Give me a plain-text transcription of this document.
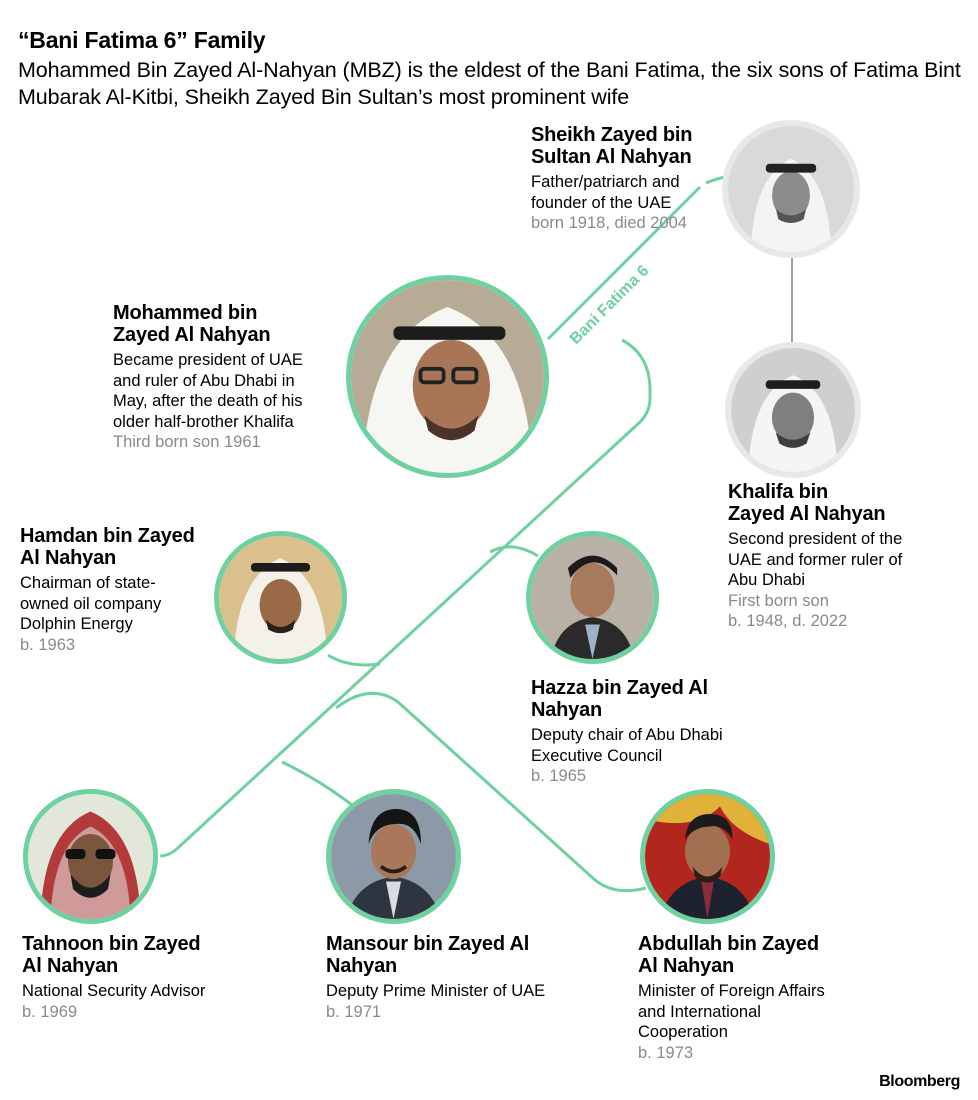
“Bani Fatima 6” Family
Mohammed Bin Zayed Al-Nahyan (MBZ) is the eldest of the Bani Fatima, the six sons of Fatima Bint Mubarak Al-Kitbi, Sheikh Zayed Bin Sultan’s most prominent wife
Bani Fatima 6
Sheikh Zayed bin
Sultan Al Nahyan
Father/patriarch and
founder of the UAE
born 1918, died 2004
Mohammed bin
Zayed Al Nahyan
Became president of UAE
and ruler of Abu Dhabi in
May, after the death of his
older half-brother Khalifa
Third born son 1961
Khalifa bin
Zayed Al Nahyan
Second president of the
UAE and former ruler of
Abu Dhabi
First born son
b. 1948, d. 2022
Hamdan bin Zayed
Al Nahyan
Chairman of state-
owned oil company
Dolphin Energy
b. 1963
Hazza bin Zayed Al
Nahyan
Deputy chair of Abu Dhabi
Executive Council
b. 1965
Tahnoon bin Zayed
Al Nahyan
National Security Advisor
b. 1969
Mansour bin Zayed Al
Nahyan
Deputy Prime Minister of UAE
b. 1971
Abdullah bin Zayed
Al Nahyan
Minister of Foreign Affairs
and International
Cooperation
b. 1973
Bloomberg
